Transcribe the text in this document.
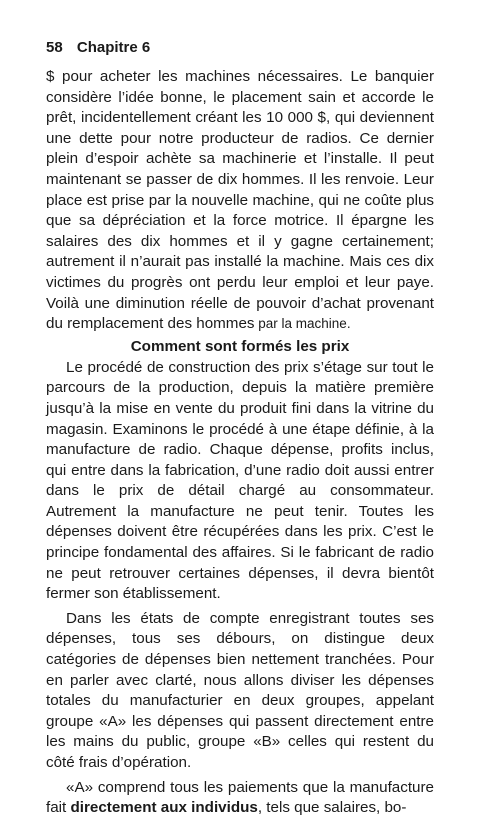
58 Chapitre 6

$ pour acheter les machines nécessaires. Le banquier considère l’idée bonne, le placement sain et accorde le prêt, incidentellement créant les 10 000 $, qui deviennent une dette pour notre producteur de radios. Ce dernier plein d’espoir achète sa machinerie et l’installe. Il peut maintenant se passer de dix hommes. Il les renvoie. Leur place est prise par la nouvelle machine, qui ne coûte plus que sa dépréciation et la force motrice. Il épargne les salaires des dix hommes et il y gagne certainement; autrement il n’aurait pas installé la machine. Mais ces dix victimes du progrès ont perdu leur emploi et leur paye. Voilà une diminution réelle de pouvoir d’achat provenant du remplacement des hommes par la machine.

Comment sont formés les prix

Le procédé de construction des prix s’étage sur tout le parcours de la production, depuis la matière première jusqu’à la mise en vente du produit fini dans la vitrine du magasin. Examinons le procédé à une étape définie, à la manufacture de radio. Chaque dépense, profits inclus, qui entre dans la fabrication, d’une radio doit aussi entrer dans le prix de détail chargé au consommateur. Autrement la manufacture ne peut tenir. Toutes les dépenses doivent être récupérées dans les prix. C’est le principe fondamental des affaires. Si le fabricant de radio ne peut retrouver certaines dépenses, il devra bientôt fermer son établissement.

Dans les états de compte enregistrant toutes ses dépenses, tous ses débours, on distingue deux catégories de dépenses bien nettement tranchées. Pour en parler avec clarté, nous allons diviser les dépenses totales du manufacturier en deux groupes, appelant groupe «A» les dépenses qui passent directement entre les mains du public, groupe «B» celles qui restent du côté frais d’opération.

«A» comprend tous les paiements que la manufacture fait directement aux individus, tels que salaires, bo-
